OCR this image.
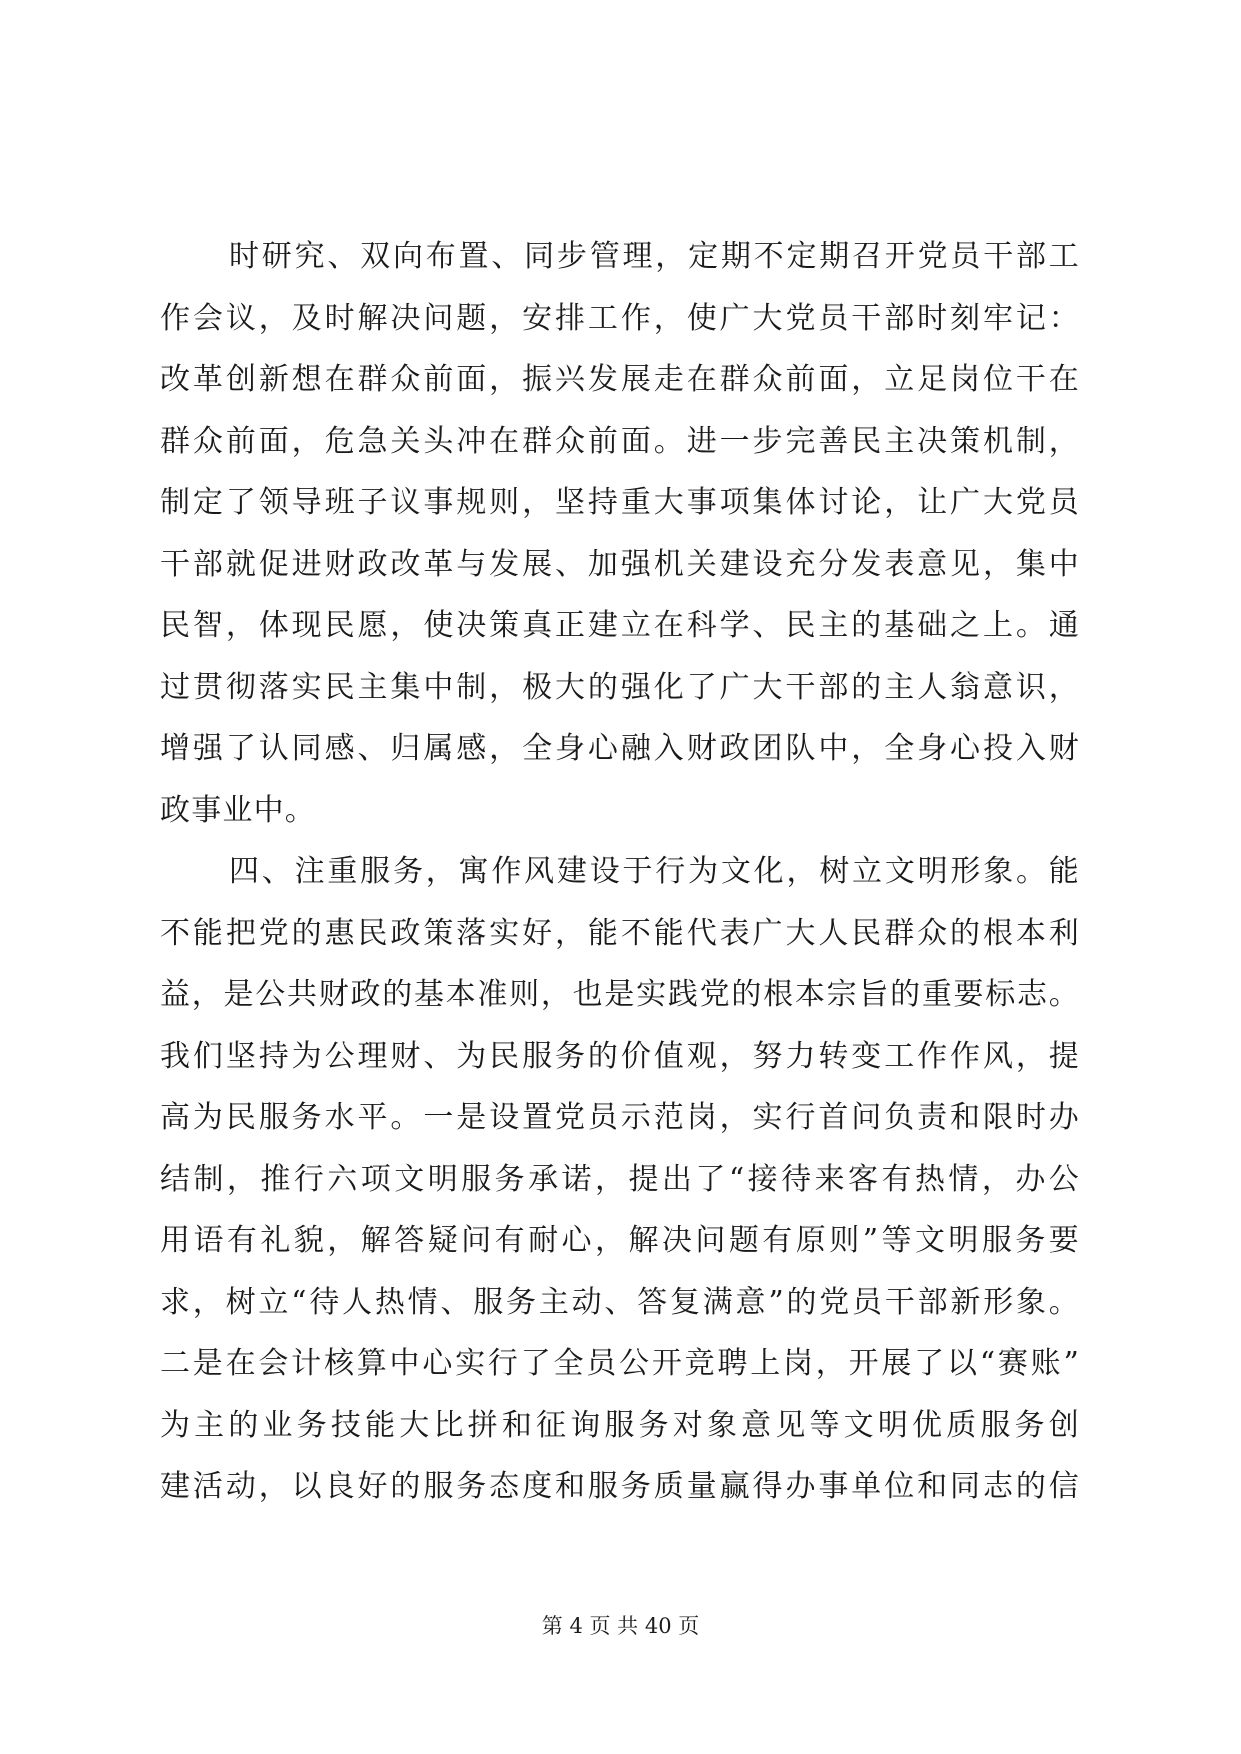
时研究、双向布置、同步管理，定期不定期召开党员干部工
作会议，及时解决问题，安排工作，使广大党员干部时刻牢记：
改革创新想在群众前面，振兴发展走在群众前面，立足岗位干在
群众前面，危急关头冲在群众前面。进一步完善民主决策机制，
制定了领导班子议事规则，坚持重大事项集体讨论，让广大党员
干部就促进财政改革与发展、加强机关建设充分发表意见，集中
民智，体现民愿，使决策真正建立在科学、民主的基础之上。通
过贯彻落实民主集中制，极大的强化了广大干部的主人翁意识，
增强了认同感、归属感，全身心融入财政团队中，全身心投入财
政事业中。
四、注重服务，寓作风建设于行为文化，树立文明形象。能
不能把党的惠民政策落实好，能不能代表广大人民群众的根本利
益，是公共财政的基本准则，也是实践党的根本宗旨的重要标志。
我们坚持为公理财、为民服务的价值观，努力转变工作作风，提
高为民服务水平。一是设置党员示范岗，实行首问负责和限时办
结制，推行六项文明服务承诺，提出了“接待来客有热情，办公
用语有礼貌，解答疑问有耐心，解决问题有原则”等文明服务要
求，树立“待人热情、服务主动、答复满意”的党员干部新形象。
二是在会计核算中心实行了全员公开竞聘上岗，开展了以“赛账”
为主的业务技能大比拼和征询服务对象意见等文明优质服务创
建活动，以良好的服务态度和服务质量赢得办事单位和同志的信
第 4 页 共 40 页
